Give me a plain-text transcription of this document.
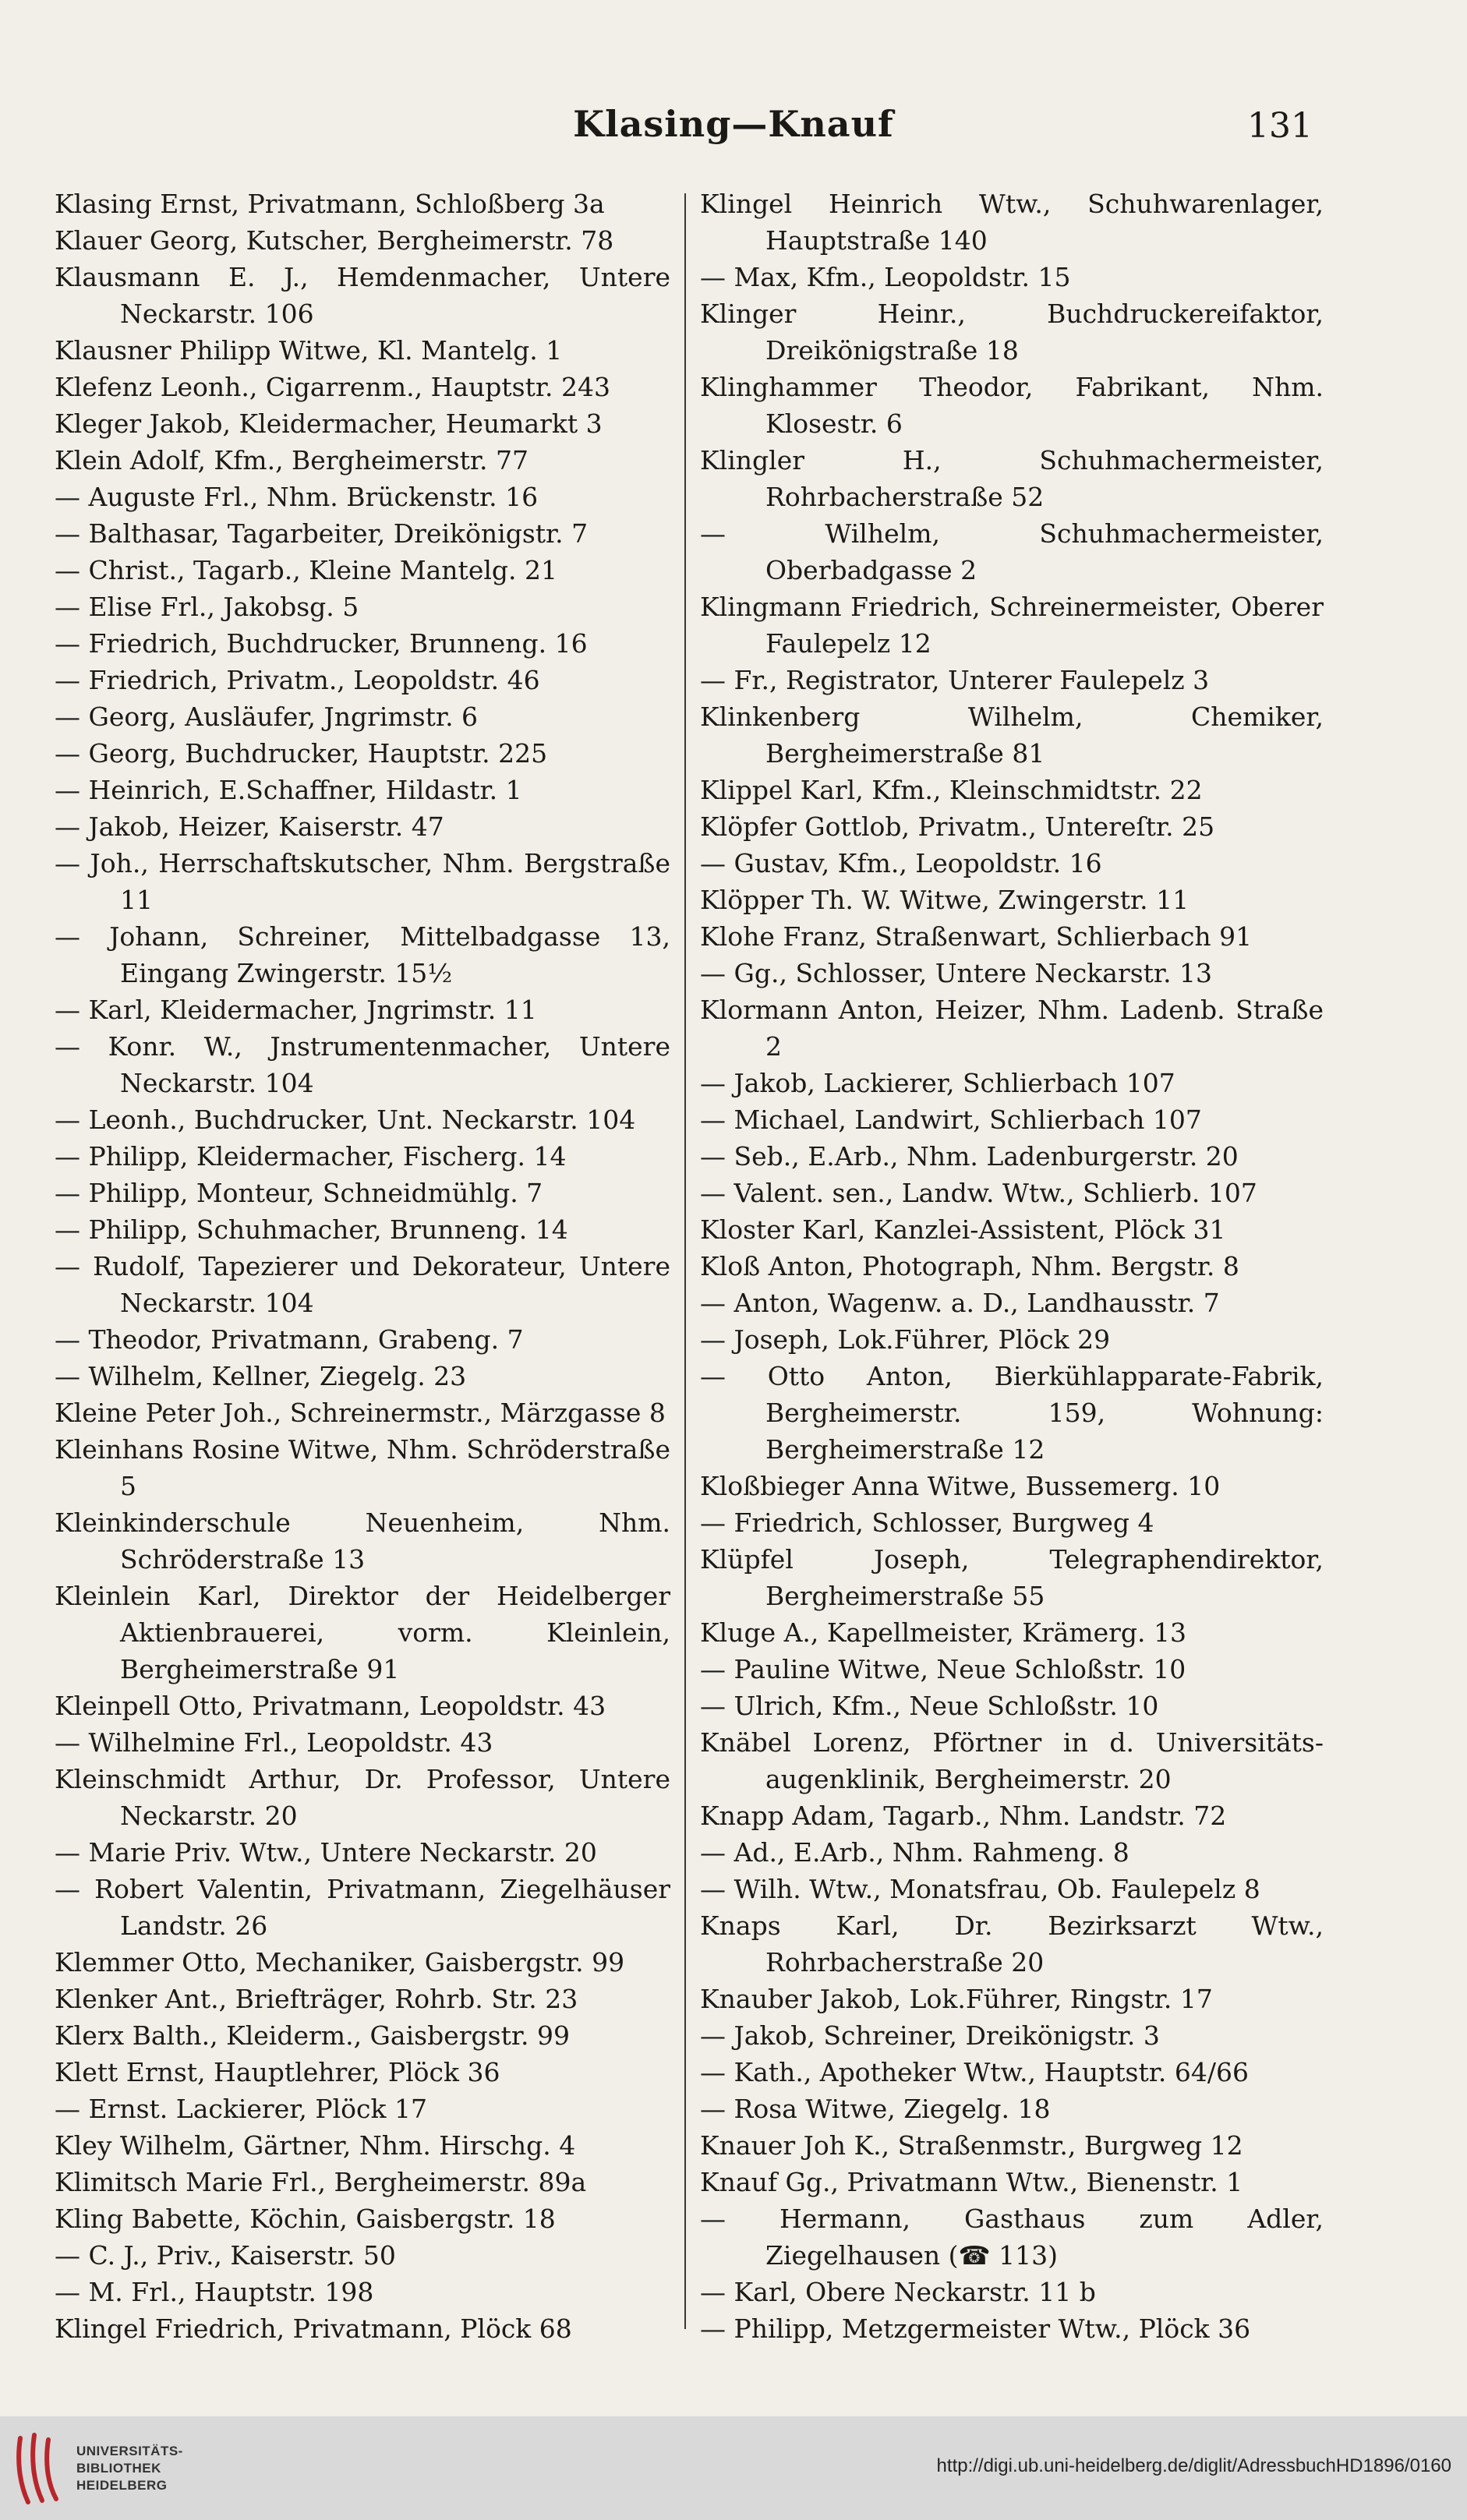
Klasing—Knauf	131
Klasing Ernst, Privatmann, Schloßberg 3a
Klauer Georg, Kutscher, Bergheimerstr. 78
Klausmann E. J., Hemdenmacher, Untere Neckarstr. 106
Klausner Philipp Witwe, Kl. Mantelg. 1
Klefenz Leonh., Cigarrenm., Hauptstr. 243
Kleger Jakob, Kleidermacher, Heumarkt 3
Klein Adolf, Kfm., Bergheimerstr. 77
— Auguste Frl., Nhm. Brückenstr. 16
— Balthasar, Tagarbeiter, Dreikönigstr. 7
— Christ., Tagarb., Kleine Mantelg. 21
— Elise Frl., Jakobsg. 5
— Friedrich, Buchdrucker, Brunneng. 16
— Friedrich, Privatm., Leopoldstr. 46
— Georg, Ausläufer, Jngrimstr. 6
— Georg, Buchdrucker, Hauptstr. 225
— Heinrich, E.Schaffner, Hildastr. 1
— Jakob, Heizer, Kaiserstr. 47
— Joh., Herrschaftskutscher, Nhm. Bergstraße 11
— Johann, Schreiner, Mittelbadgasse 13, Eingang Zwingerstr. 15½
— Karl, Kleidermacher, Jngrimstr. 11
— Konr. W., Jnstrumentenmacher, Untere Neckarstr. 104
— Leonh., Buchdrucker, Unt. Neckarstr. 104
— Philipp, Kleidermacher, Fischerg. 14
— Philipp, Monteur, Schneidmühlg. 7
— Philipp, Schuhmacher, Brunneng. 14
— Rudolf, Tapezierer und Dekorateur, Untere Neckarstr. 104
— Theodor, Privatmann, Grabeng. 7
— Wilhelm, Kellner, Ziegelg. 23
Kleine Peter Joh., Schreinermstr., Märzgasse 8
Kleinhans Rosine Witwe, Nhm. Schröderstraße 5
Kleinkinderschule Neuenheim, Nhm. Schröderstraße 13
Kleinlein Karl, Direktor der Heidelberger Aktienbrauerei, vorm. Kleinlein, Bergheimerstraße 91
Kleinpell Otto, Privatmann, Leopoldstr. 43
— Wilhelmine Frl., Leopoldstr. 43
Kleinschmidt Arthur, Dr. Professor, Untere Neckarstr. 20
— Marie Priv. Wtw., Untere Neckarstr. 20
— Robert Valentin, Privatmann, Ziegelhäuser Landstr. 26
Klemmer Otto, Mechaniker, Gaisbergstr. 99
Klenker Ant., Briefträger, Rohrb. Str. 23
Klerx Balth., Kleiderm., Gaisbergstr. 99
Klett Ernst, Hauptlehrer, Plöck 36
— Ernst. Lackierer, Plöck 17
Kley Wilhelm, Gärtner, Nhm. Hirschg. 4
Klimitsch Marie Frl., Bergheimerstr. 89a
Kling Babette, Köchin, Gaisbergstr. 18
— C. J., Priv., Kaiserstr. 50
— M. Frl., Hauptstr. 198
Klingel Friedrich, Privatmann, Plöck 68
Klingel Heinrich Wtw., Schuhwarenlager, Hauptstraße 140
— Max, Kfm., Leopoldstr. 15
Klinger Heinr., Buchdruckereifaktor, Dreikönigstraße 18
Klinghammer Theodor, Fabrikant, Nhm. Klosestr. 6
Klingler H., Schuhmachermeister, Rohrbacherstraße 52
— Wilhelm, Schuhmachermeister, Oberbadgasse 2
Klingmann Friedrich, Schreinermeister, Oberer Faulepelz 12
— Fr., Registrator, Unterer Faulepelz 3
Klinkenberg Wilhelm, Chemiker, Bergheimerstraße 81
Klippel Karl, Kfm., Kleinschmidtstr. 22
Klöpfer Gottlob, Privatm., Untereſtr. 25
— Gustav, Kfm., Leopoldstr. 16
Klöpper Th. W. Witwe, Zwingerstr. 11
Klohe Franz, Straßenwart, Schlierbach 91
— Gg., Schlosser, Untere Neckarstr. 13
Klormann Anton, Heizer, Nhm. Ladenb. Straße 2
— Jakob, Lackierer, Schlierbach 107
— Michael, Landwirt, Schlierbach 107
— Seb., E.Arb., Nhm. Ladenburgerstr. 20
— Valent. sen., Landw. Wtw., Schlierb. 107
Kloster Karl, Kanzlei-Assistent, Plöck 31
Kloß Anton, Photograph, Nhm. Bergstr. 8
— Anton, Wagenw. a. D., Landhausstr. 7
— Joseph, Lok.Führer, Plöck 29
— Otto Anton, Bierkühlapparate-Fabrik, Bergheimerstr. 159, Wohnung: Bergheimerstraße 12
Kloßbieger Anna Witwe, Bussemerg. 10
— Friedrich, Schlosser, Burgweg 4
Klüpfel Joseph, Telegraphendirektor, Bergheimerstraße 55
Kluge A., Kapellmeister, Krämerg. 13
— Pauline Witwe, Neue Schloßstr. 10
— Ulrich, Kfm., Neue Schloßstr. 10
Knäbel Lorenz, Pförtner in d. Universitäts-augenklinik, Bergheimerstr. 20
Knapp Adam, Tagarb., Nhm. Landstr. 72
— Ad., E.Arb., Nhm. Rahmeng. 8
— Wilh. Wtw., Monatsfrau, Ob. Faulepelz 8
Knaps Karl, Dr. Bezirksarzt Wtw., Rohrbacherstraße 20
Knauber Jakob, Lok.Führer, Ringstr. 17
— Jakob, Schreiner, Dreikönigstr. 3
— Kath., Apotheker Wtw., Hauptstr. 64/66
— Rosa Witwe, Ziegelg. 18
Knauer Joh K., Straßenmstr., Burgweg 12
Knauf Gg., Privatmann Wtw., Bienenstr. 1
— Hermann, Gasthaus zum Adler, Ziegelhausen (☎ 113)
— Karl, Obere Neckarstr. 11 b
— Philipp, Metzgermeister Wtw., Plöck 36
UNIVERSITÄTS-
BIBLIOTHEK
HEIDELBERG
http://digi.ub.uni-heidelberg.de/diglit/AdressbuchHD1896/0160
